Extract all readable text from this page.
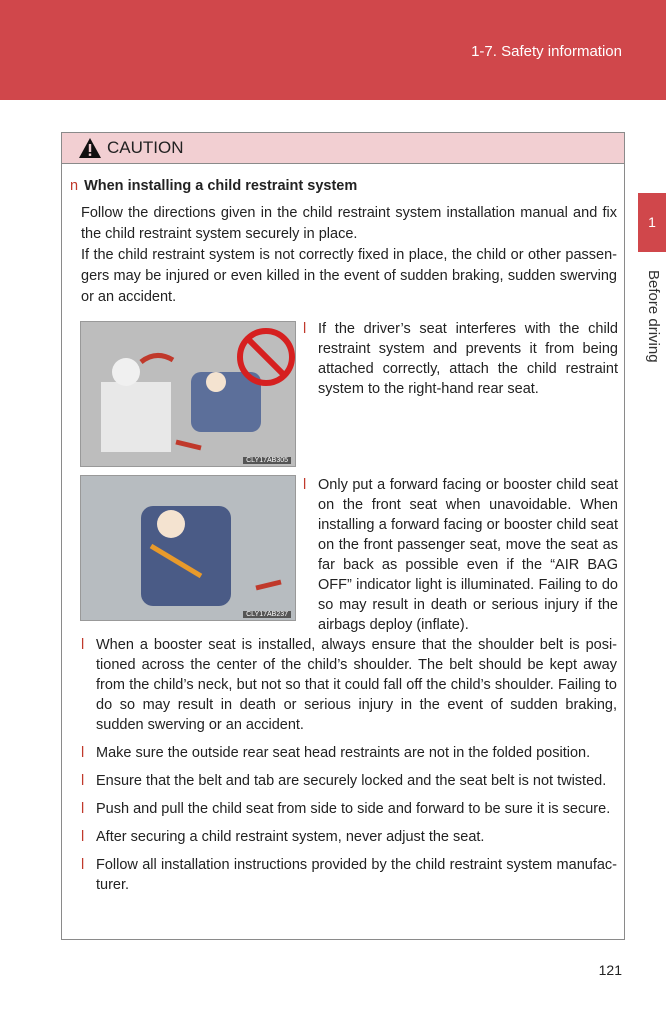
1-7. Safety information
1
Before driving
CAUTION
n When installing a child restraint system

Follow the directions given in the child restraint system installation manual and fix the child restraint system securely in place.

If the child restraint system is not correctly fixed in place, the child or other passen-gers may be injured or even killed in the event of sudden braking, sudden swerving or an accident.

CLY17AB305
CLY17AB237
l If the driver’s seat interferes with the child restraint system and prevents it from being attached correctly, attach the child restraint system to the right-hand rear seat.
l Only put a forward facing or booster child seat on the front seat when unavoidable. When installing a forward facing or booster child seat on the front passenger seat, move the seat as far back as possible even if the “AIR BAG OFF” indicator light is illuminated. Failing to do so may result in death or serious injury if the airbags deploy (inflate).
l When a booster seat is installed, always ensure that the shoulder belt is posi-tioned across the center of the child’s shoulder. The belt should be kept away from the child’s neck, but not so that it could fall off the child’s shoulder. Failing to do so may result in death or serious injury in the event of sudden braking, sudden swerving or an accident.
l Make sure the outside rear seat head restraints are not in the folded position.
l Ensure that the belt and tab are securely locked and the seat belt is not twisted.
l Push and pull the child seat from side to side and forward to be sure it is secure.
l After securing a child restraint system, never adjust the seat.
l Follow all installation instructions provided by the child restraint system manufac-turer.
121
